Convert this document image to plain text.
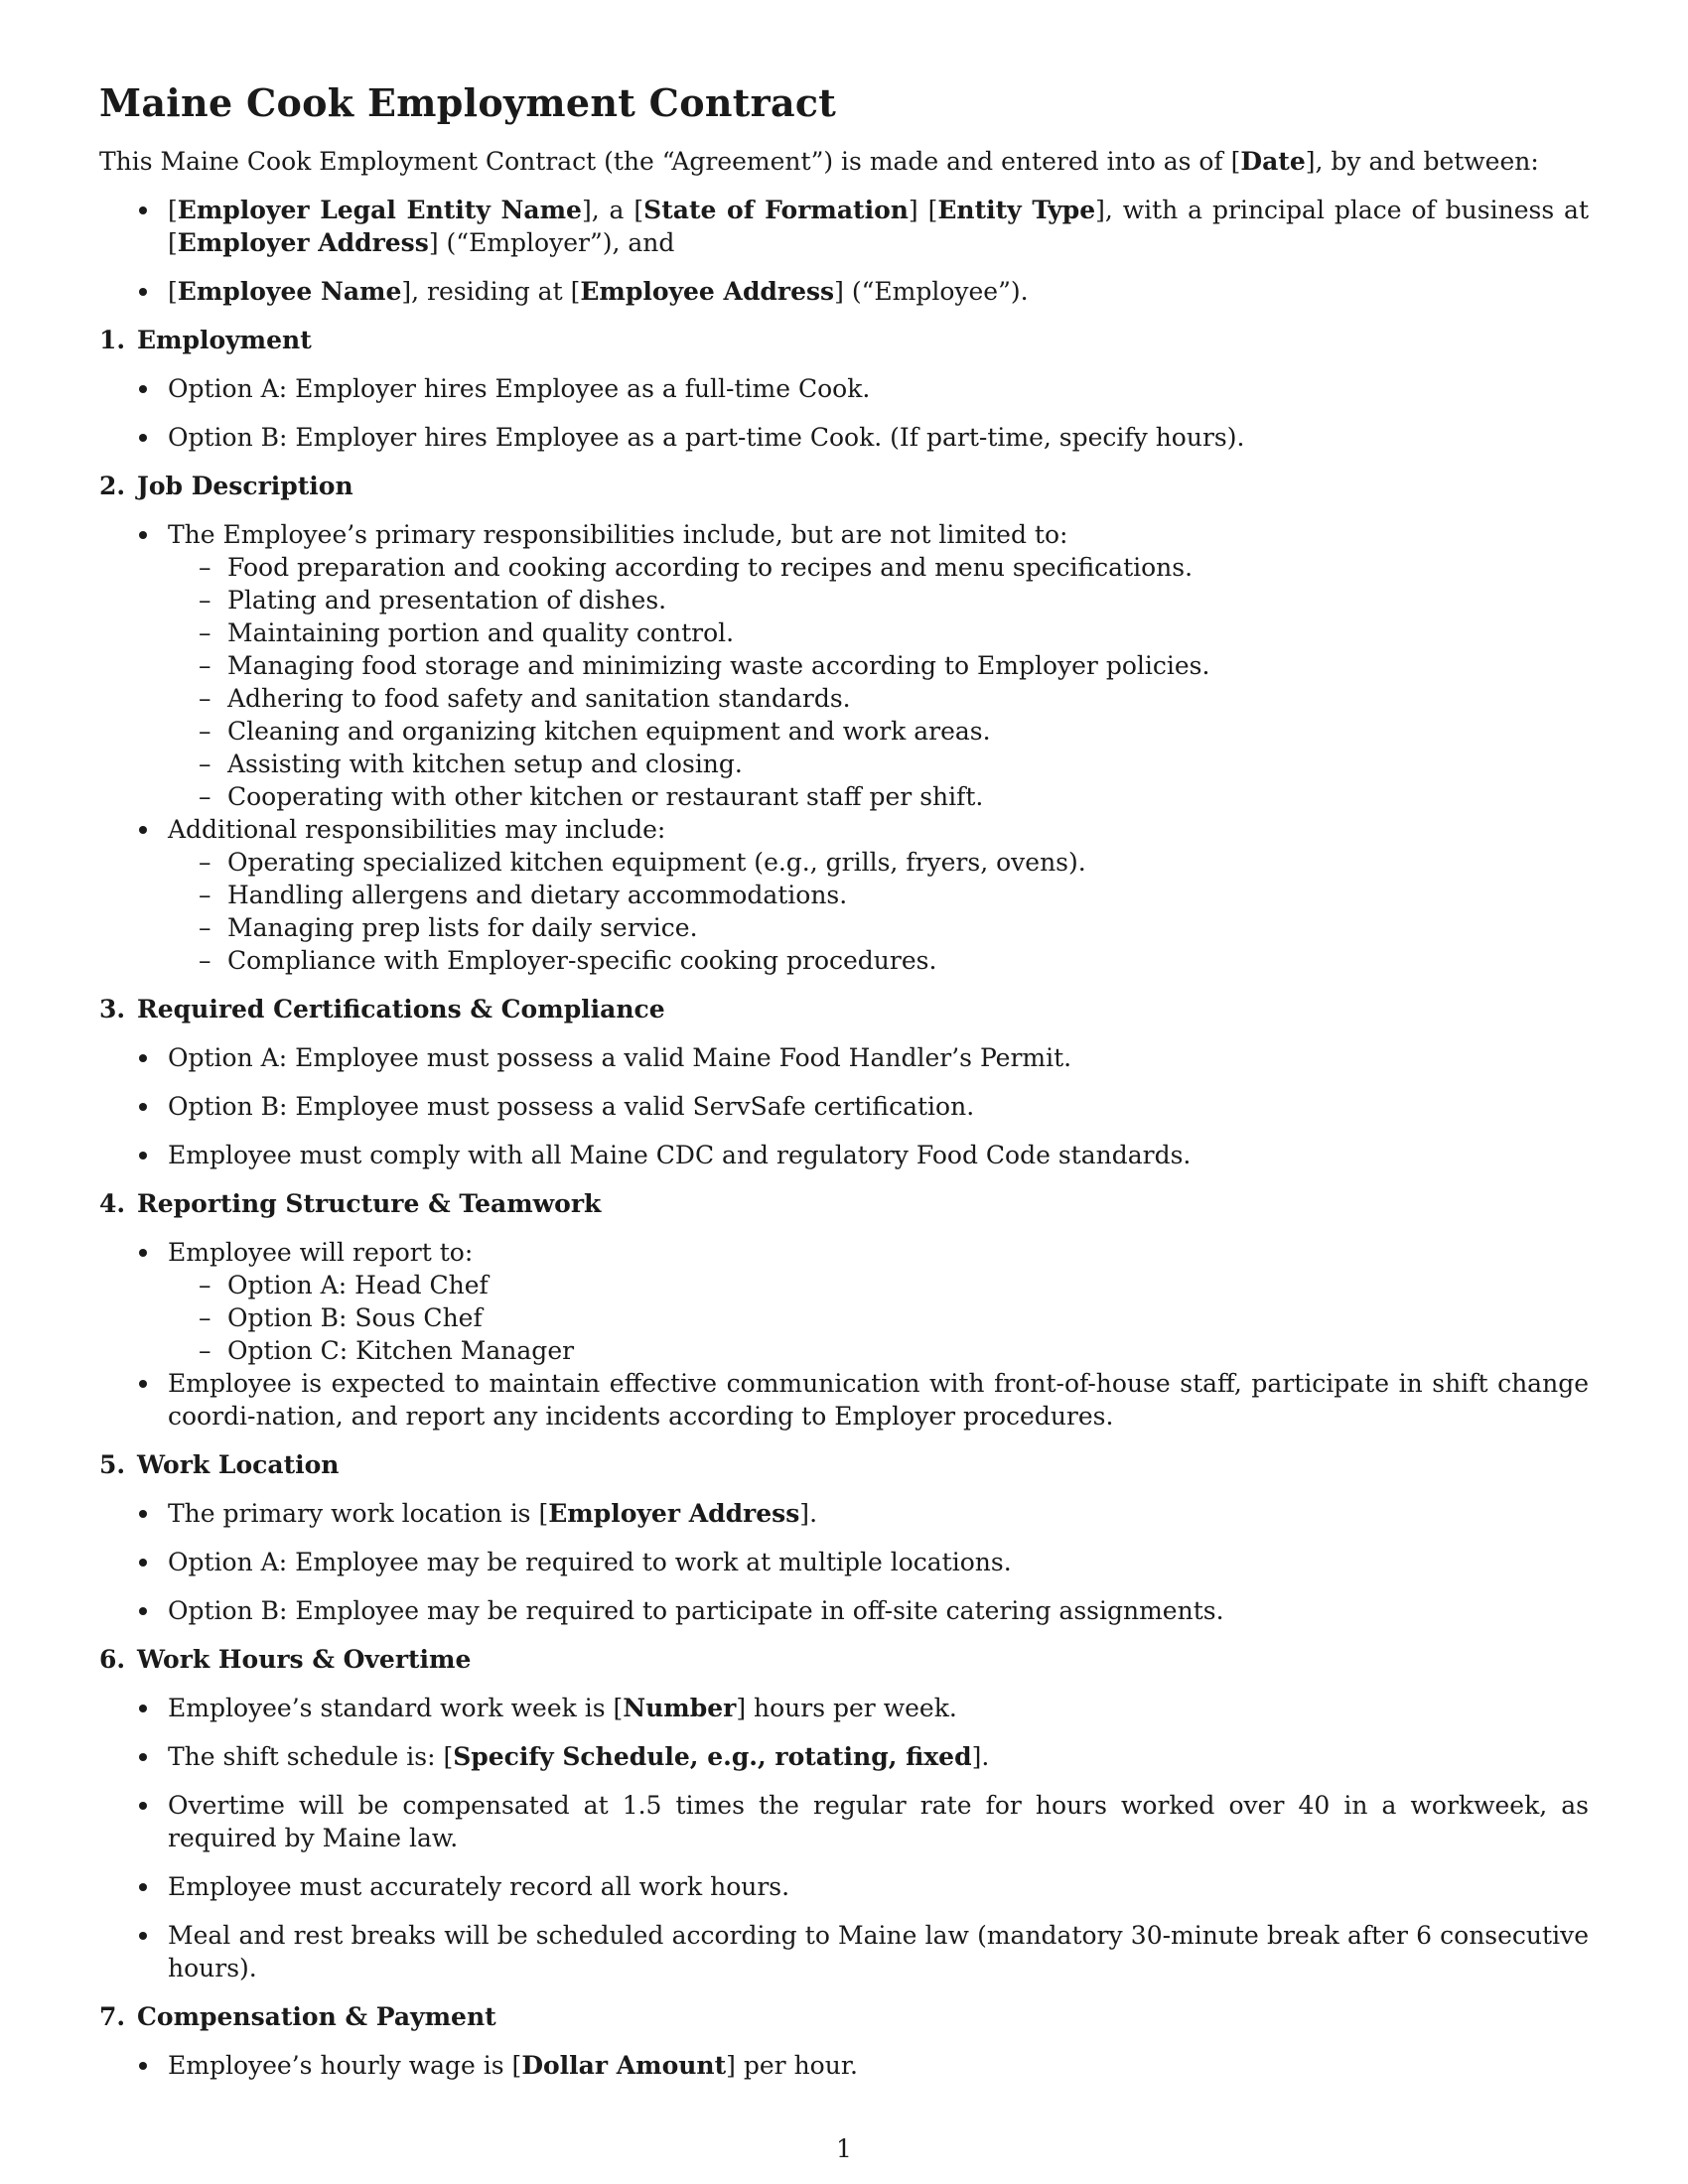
Maine Cook Employment Contract

This Maine Cook Employment Contract (the “Agreement”) is made and entered into as of [Date], by and between:

[Employer Legal Entity Name], a [State of Formation] [Entity Type], with a principal place of business at [Employer Address] (“Employer”), and
[Employee Name], residing at [Employee Address] (“Employee”).
1. Employment
Option A: Employer hires Employee as a full-time Cook.
Option B: Employer hires Employee as a part-time Cook. (If part-time, specify hours).
2. Job Description
The Employee’s primary responsibilities include, but are not limited to:
– Food preparation and cooking according to recipes and menu specifications.
– Plating and presentation of dishes.
– Maintaining portion and quality control.
– Managing food storage and minimizing waste according to Employer policies.
– Adhering to food safety and sanitation standards.
– Cleaning and organizing kitchen equipment and work areas.
– Assisting with kitchen setup and closing.
– Cooperating with other kitchen or restaurant staff per shift.
Additional responsibilities may include:
– Operating specialized kitchen equipment (e.g., grills, fryers, ovens).
– Handling allergens and dietary accommodations.
– Managing prep lists for daily service.
– Compliance with Employer-specific cooking procedures.
3. Required Certifications & Compliance
Option A: Employee must possess a valid Maine Food Handler’s Permit.
Option B: Employee must possess a valid ServSafe certification.
Employee must comply with all Maine CDC and regulatory Food Code standards.
4. Reporting Structure & Teamwork
Employee will report to:
– Option A: Head Chef
– Option B: Sous Chef
– Option C: Kitchen Manager
Employee is expected to maintain effective communication with front-of-house staff, participate in shift change coordi-nation, and report any incidents according to Employer procedures.
5. Work Location
The primary work location is [Employer Address].
Option A: Employee may be required to work at multiple locations.
Option B: Employee may be required to participate in off-site catering assignments.
6. Work Hours & Overtime
Employee’s standard work week is [Number] hours per week.
The shift schedule is: [Specify Schedule, e.g., rotating, fixed].
Overtime will be compensated at 1.5 times the regular rate for hours worked over 40 in a workweek, as required by Maine law.
Employee must accurately record all work hours.
Meal and rest breaks will be scheduled according to Maine law (mandatory 30-minute break after 6 consecutive hours).
7. Compensation & Payment
Employee’s hourly wage is [Dollar Amount] per hour.
1
